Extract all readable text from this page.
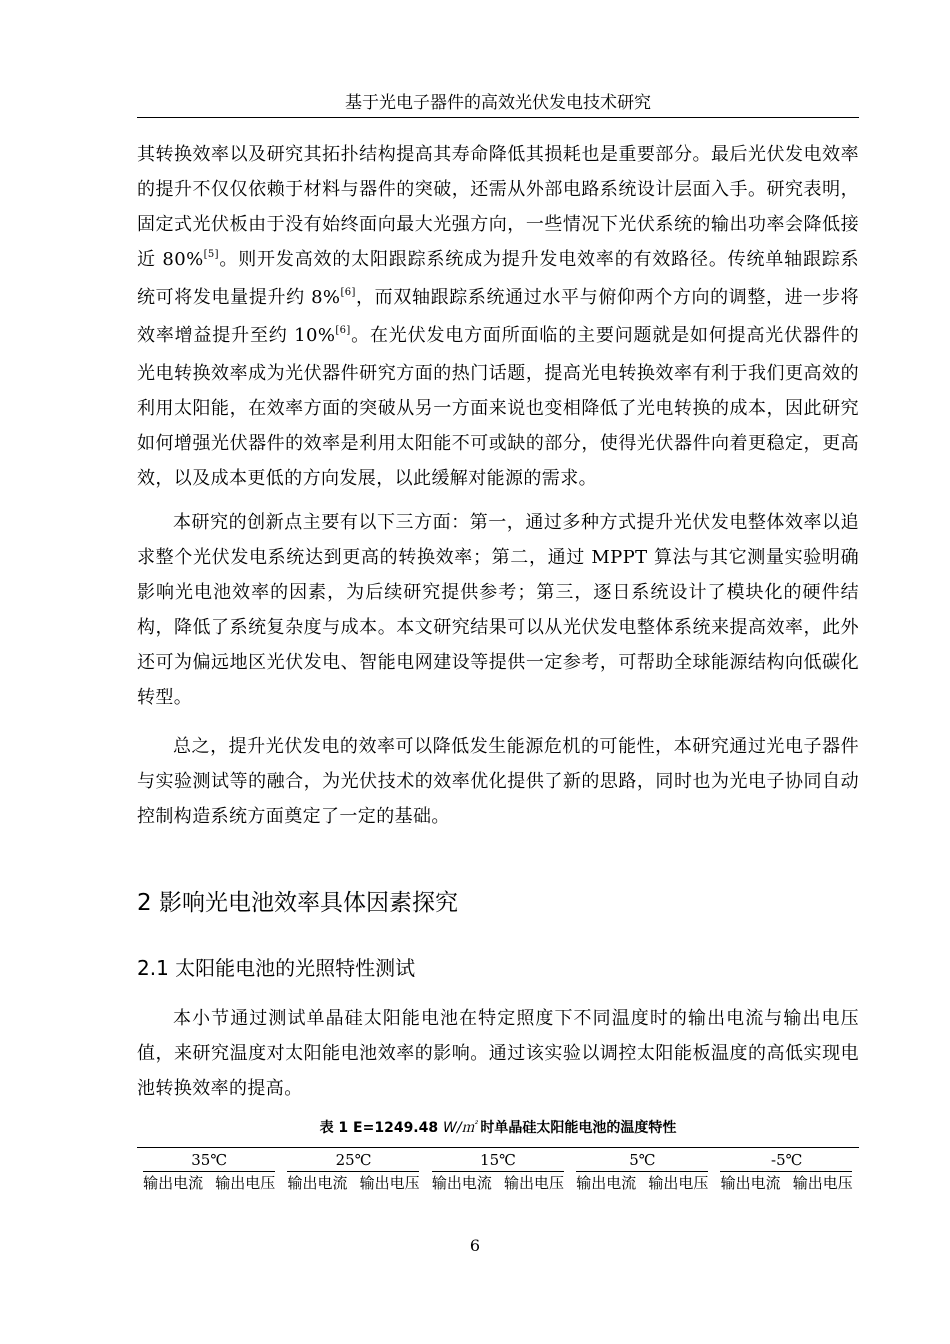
基于光电子器件的高效光伏发电技术研究
其转换效率以及研究其拓扑结构提高其寿命降低其损耗也是重要部分。最后光伏发电效率的提升不仅仅依赖于材料与器件的突破，还需从外部电路系统设计层面入手。研究表明，固定式光伏板由于没有始终面向最大光强方向，一些情况下光伏系统的输出功率会降低接近 80%[5]。则开发高效的太阳跟踪系统成为提升发电效率的有效路径。传统单轴跟踪系统可将发电量提升约 8%[6]，而双轴跟踪系统通过水平与俯仰两个方向的调整，进一步将效率增益提升至约 10%[6]。在光伏发电方面所面临的主要问题就是如何提高光伏器件的光电转换效率成为光伏器件研究方面的热门话题，提高光电转换效率有利于我们更高效的利用太阳能，在效率方面的突破从另一方面来说也变相降低了光电转换的成本，因此研究如何增强光伏器件的效率是利用太阳能不可或缺的部分，使得光伏器件向着更稳定，更高效，以及成本更低的方向发展，以此缓解对能源的需求。
本研究的创新点主要有以下三方面：第一，通过多种方式提升光伏发电整体效率以追求整个光伏发电系统达到更高的转换效率；第二，通过 MPPT 算法与其它测量实验明确影响光电池效率的因素，为后续研究提供参考；第三，逐日系统设计了模块化的硬件结构，降低了系统复杂度与成本。本文研究结果可以从光伏发电整体系统来提高效率，此外还可为偏远地区光伏发电、智能电网建设等提供一定参考，可帮助全球能源结构向低碳化转型。
总之，提升光伏发电的效率可以降低发生能源危机的可能性，本研究通过光电子器件与实验测试等的融合，为光伏技术的效率优化提供了新的思路，同时也为光电子协同自动控制构造系统方面奠定了一定的基础。
2 影响光电池效率具体因素探究
2.1 太阳能电池的光照特性测试
本小节通过测试单晶硅太阳能电池在特定照度下不同温度时的输出电流与输出电压值，来研究温度对太阳能电池效率的影响。通过该实验以调控太阳能板温度的高低实现电池转换效率的提高。
表 1 E=1249.48 W/㎡ 时单晶硅太阳能电池的温度特性
35℃	25℃	15℃	5℃	-5℃
输出电流 输出电压 输出电流 输出电压 输出电流 输出电压 输出电流 输出电压 输出电流 输出电压
6
